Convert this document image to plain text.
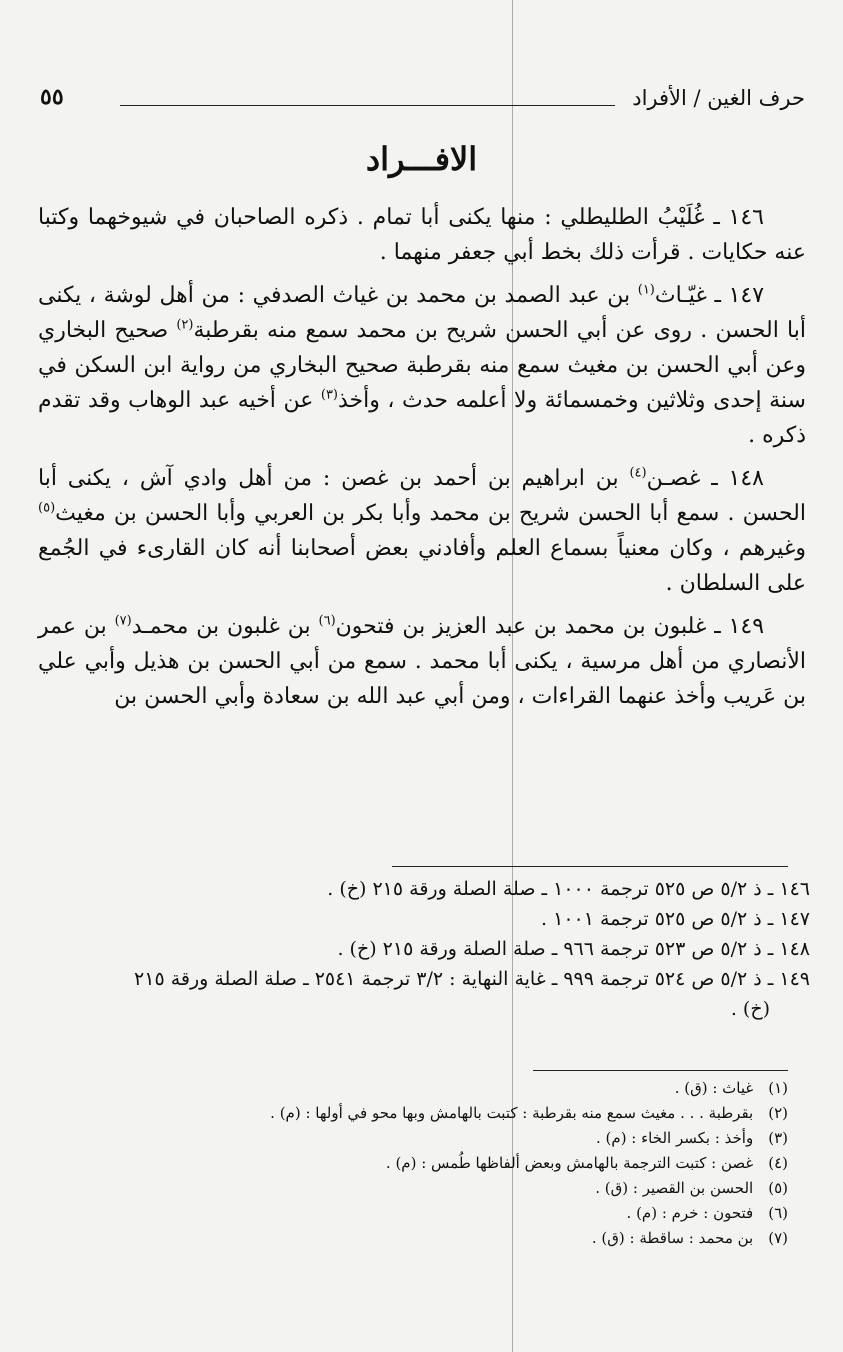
حرف الغين / الأفراد
٥٥
الافـــراد

١٤٦ ـ غُلَيْبُ الطليطلي : منها يكنى أبا تمام . ذكره الصاحبان في شيوخهما وكتبا عنه حكايات . قرأت ذلك بخط أبي جعفر منهما .

١٤٧ ـ غيّـاث$^{(١)}$ بن عبد الصمد بن محمد بن غياث الصدفي : من أهل لوشة ، يكنى أبا الحسن . روى عن أبي الحسن شريح بن محمد سمع منه بقرطبة$^{(٢)}$ صحيح البخاري وعن أبي الحسن بن مغيث سمع منه بقرطبة صحيح البخاري من رواية ابن السكن في سنة إحدى وثلاثين وخمسمائة ولا أعلمه حدث ، وأخذ$^{(٣)}$ عن أخيه عبد الوهاب وقد تقدم ذكره .

١٤٨ ـ غصـن$^{(٤)}$ بن ابراهيم بن أحمد بن غصن : من أهل وادي آش ، يكنى أبا الحسن . سمع أبا الحسن شريح بن محمد وأبا بكر بن العربي وأبا الحسن بن مغيث$^{(٥)}$ وغيرهم ، وكان معنياً بسماع العلم وأفادني بعض أصحابنا أنه كان القارىء في الجُمع على السلطان .

١٤٩ ـ غلبون بن محمد بن عبد العزيز بن فتحون$^{(٦)}$ بن غلبون بن محمـد$^{(٧)}$ بن عمر الأنصاري من أهل مرسية ، يكنى أبا محمد . سمع من أبي الحسن بن هذيل وأبي علي بن عَريب وأخذ عنهما القراءات ، ومن أبي عبد الله بن سعادة وأبي الحسن بن

١٤٦ ـ ذ ٥/٢ ص ٥٢٥ ترجمة ١٠٠٠ ـ صلة الصلة ورقة ٢١٥ (خ) .

١٤٧ ـ ذ ٥/٢ ص ٥٢٥ ترجمة ١٠٠١ .

١٤٨ ـ ذ ٥/٢ ص ٥٢٣ ترجمة ٩٦٦ ـ صلة الصلة ورقة ٢١٥ (خ) .

١٤٩ ـ ذ ٥/٢ ص ٥٢٤ ترجمة ٩٩٩ ـ غاية النهاية : ٣/٢ ترجمة ٢٥٤١ ـ صلة الصلة ورقة ٢١٥

(خ) .

(١) غياث : (ق) .

(٢) بقرطبة . . . مغيث سمع منه بقرطبة : كتبت بالهامش وبها محو في أولها : (م) .

(٣) وأخذ : بكسر الخاء : (م) .

(٤) غصن : كتبت الترجمة بالهامش وبعض ألفاظها طُمس : (م) .

(٥) الحسن بن القصير : (ق) .

(٦) فتحون : خرم : (م) .

(٧) بن محمد : ساقطة : (ق) .
